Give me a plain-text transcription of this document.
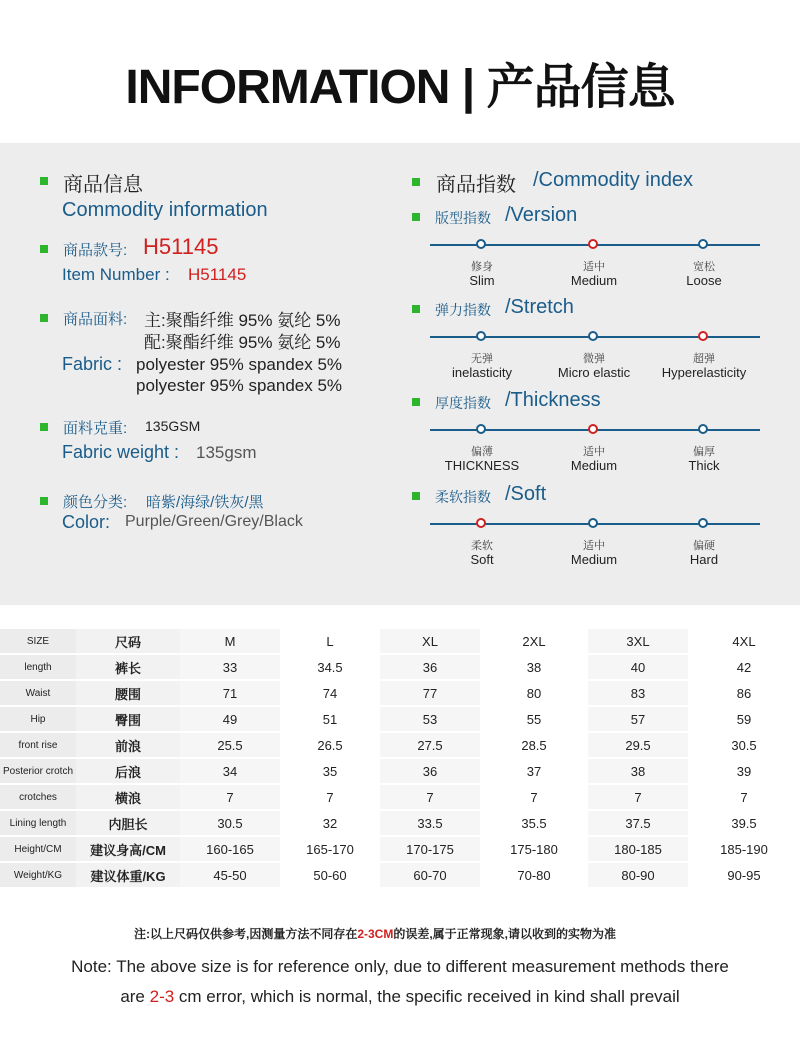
INFORMATION | 产品信息
商品信息
Commodity information
商品款号: H51145
Item Number : H51145
商品面料: 主:聚酯纤维 95% 氨纶 5%
配:聚酯纤维 95% 氨纶 5%
Fabric : polyester 95% spandex 5%
polyester 95% spandex 5%
面料克重: 135GSM
Fabric weight : 135gsm
颜色分类: 暗紫/海绿/铁灰/黑
Color: Purple/Green/Grey/Black
商品指数 /Commodity index
版型指数 /Version
修身
Slim
适中
Medium
宽松
Loose
弹力指数 /Stretch
无弹
inelasticity
微弹
Micro elastic
超弹
Hyperelasticity
厚度指数 /Thickness
偏薄
THICKNESS
适中
Medium
偏厚
Thick
柔软指数 /Soft
柔软
Soft
适中
Medium
偏硬
Hard
SIZE	尺码	M	L	XL	2XL	3XL	4XL
length	裤长	33	34.5	36	38	40	42
Waist	腰围	71	74	77	80	83	86
Hip	臀围	49	51	53	55	57	59
front rise	前浪	25.5	26.5	27.5	28.5	29.5	30.5
Posterior crotch	后浪	34	35	36	37	38	39
crotches	横浪	7	7	7	7	7	7
Lining length	内胆长	30.5	32	33.5	35.5	37.5	39.5
Height/CM	建议身高/CM	160-165	165-170	170-175	175-180	180-185	185-190
Weight/KG	建议体重/KG	45-50	50-60	60-70	70-80	80-90	90-95
注:以上尺码仅供参考,因测量方法不同存在2-3CM的误差,属于正常现象,请以收到的实物为准
Note: The above size is for reference only, due to different measurement methods there
are 2-3 cm error, which is normal, the specific received in kind shall prevail
